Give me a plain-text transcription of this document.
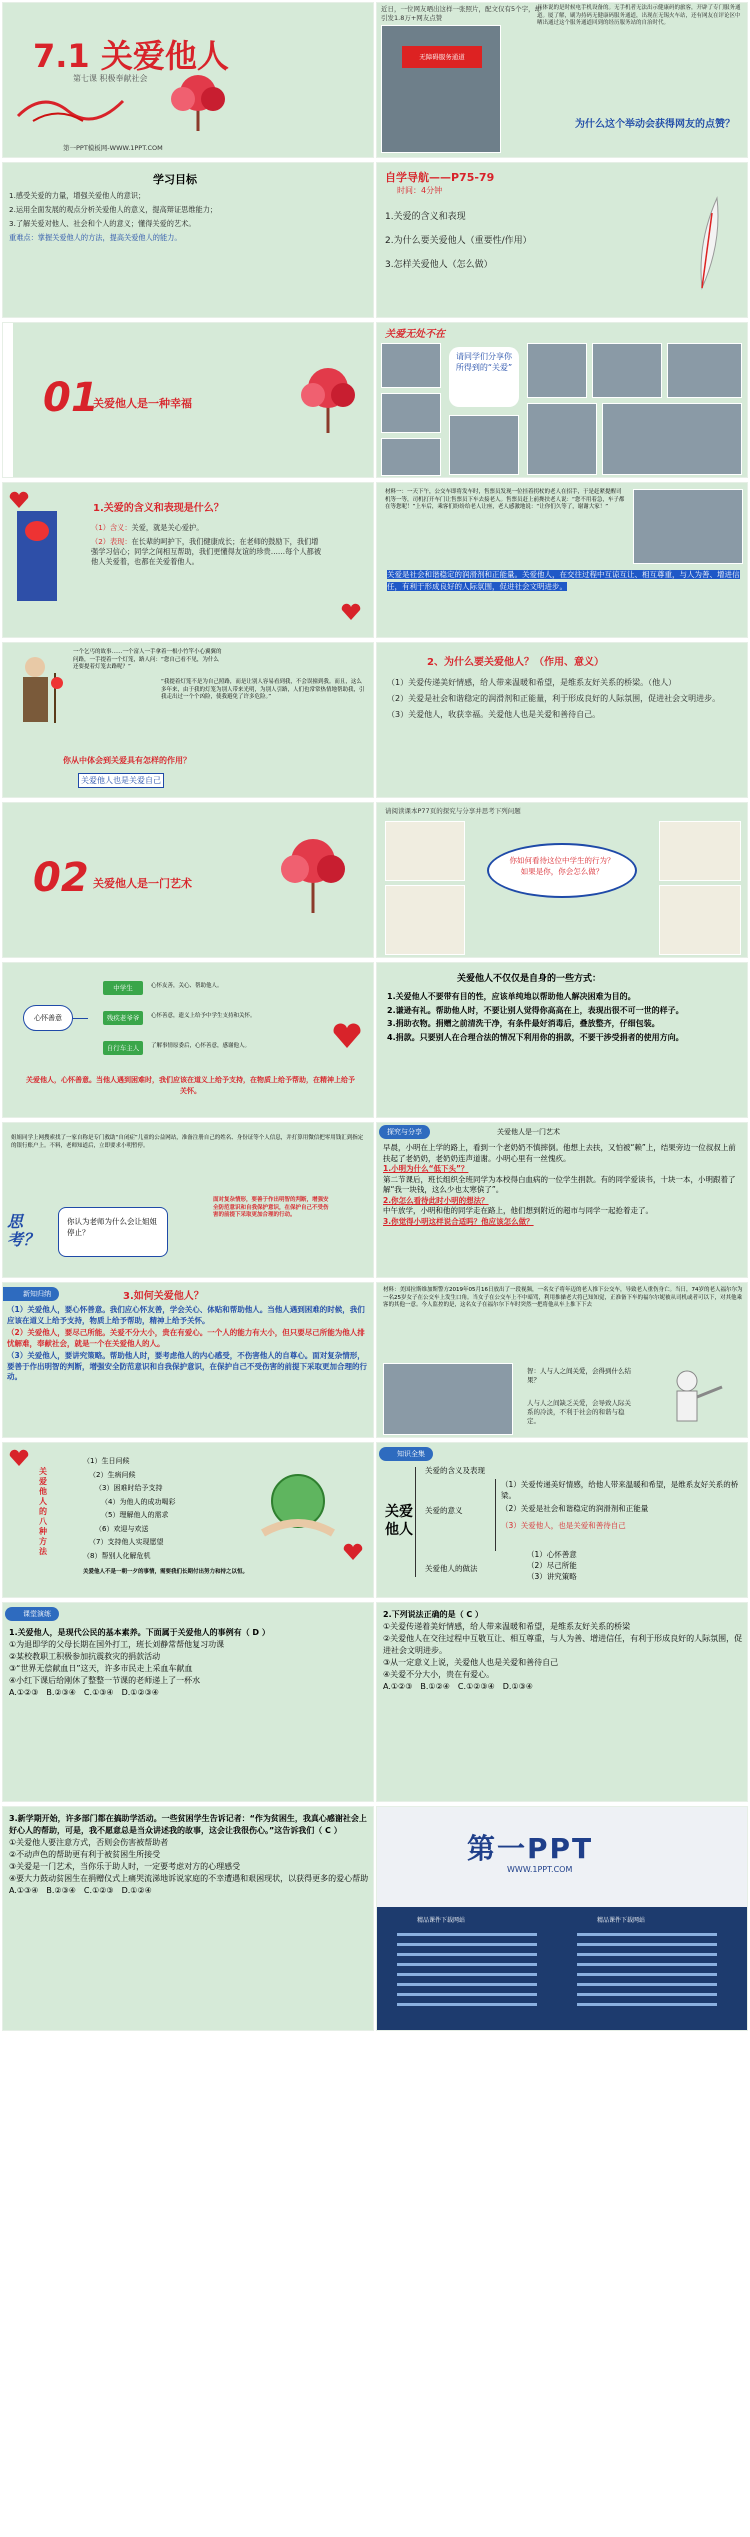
7.1 关爱他人
第七课 积极奉献社会
第一PPT模板网-WWW.1PPT.COM
近日，一位网友晒出这样一张照片，配文仅有5个字，却引发1.8万+网友点赞
无障碍服务通道
具体说的是时候电手机设备的。无手机者无法出示健康码的旅客，开辟了专门服务通道。厦了解，刷为持码无健康码服务通道，出现在无锡火车站，还有网友在评论区中晒出通过这个服务通道回到的经历服务站的自治时代。
为什么这个举动会获得网友的点赞？
学习目标
1.感受关爱的力量，增强关爱他人的意识；
2.运用全面发展的观点分析关爱他人的意义，提高辩证思维能力；
3.了解关爱对他人、社会和个人的意义；懂得关爱的艺术。
重难点：掌握关爱他人的方法，提高关爱他人的能力。
自学导航——P75-79
时间：4分钟
1.关爱的含义和表现
2.为什么要关爱他人（重要性/作用）
3.怎样关爱他人（怎么做）
01
关爱他人是一种幸福
关爱无处不在
请同学们分享你所得到的“关爱”
1.关爱的含义和表现是什么？
（1）含义：关爱，就是关心爱护。
（2）表现：在长辈的呵护下，我们健康成长；在老师的鼓励下，我们增强学习信心；同学之间相互帮助，我们更懂得友谊的珍贵……每个人都被他人关爱着，也都在关爱着他人。
材料一：一天下午，公交车即将发车时，售票员发现一位挂着拐杖的老人在招手，于是赶紧提醒司机等一等，司机打开车门让售票员下车去接老人。售票员赶上前搀扶老人说：“您不用着急，车子都在等您呢！”上车后，乘客们纷纷给老人让座，老人感激地说：“让你们久等了，谢谢大家！”
关爱是社会和谐稳定的润滑剂和正能量。关爱他人，在交往过程中互谅互让、相互尊重，与人为善、增进信任，有利于形成良好的人际氛围，促进社会文明进步。
一个乞丐的故事……一个富人一手拿着一根小竹竿小心翼翼的问路，一手提着一个灯笼，路人问：“您自己看不见，为什么还要提着灯笼去路呢？”
“我提着灯笼不是为自己照路，而是让别人容易看到我，不会误撞到我。而且，这么多年来，由于我的灯笼为别人带来光明，为别人引路，人们也常常热情地帮助我，引我走出过一个个凶险，使我避免了许多危险。”
你从中体会到关爱具有怎样的作用？
关爱他人也是关爱自己
2、为什么要关爱他人？（作用、意义）
（1）关爱传递美好情感，给人带来温暖和希望，是维系友好关系的桥梁。（他人）
（2）关爱是社会和谐稳定的润滑剂和正能量，利于形成良好的人际氛围，促进社会文明进步。
（3）关爱他人，收获幸福。关爱他人也是关爱和善待自己。
02 关爱他人是一门艺术
请阅读课本P77页的探究与分享并思考下列问题
你如何看待这位中学生的行为？
如果是你，你会怎么做？
心怀善意
中学生
残疾老爷爷
自行车主人
心怀友善，关心、帮助他人。
心怀善意，遗义上给予中学生支持和关怀。
了解事情原委后，心怀善意，感谢他人。
关爱他人，心怀善意。当他人遇到困难时，我们应该在道义上给予支持，在物质上给予帮助，在精神上给予关怀。
关爱他人不仅仅是自身的一些方式：
1.关爱他人不要带有目的性，应该单纯地以帮助他人解决困难为目的。
2.谦逊有礼。帮助他人时，不要让别人觉得你高高在上，表现出很不可一世的样子。
3.捐助衣物。捐赠之前清洗干净，有条件最好消毒后，叠放整齐，仔细包装。
4.捐款。只要别人在合理合法的情况下利用你的捐款，不要干涉受捐者的使用方向。
姐姐同学上网搜索找了一家自称是专门救助“自闭症”儿童的公益网站，准备注册自己的姓名、身份证等个人信息，并打算用微信把零用钱汇到指定的银行账户上。不料，老师知道后，立即要求小明暂停。
思考？
你认为老师为什么会让姐姐停止？
面对复杂情形，要善于作出明智的判断，增强安全防范意识和自我保护意识，在保护自己不受伤害的前提下采取更加合理的行动。
探究与分享	关爱他人是一门艺术
早晨，小明在上学的路上，看到一个老奶奶不慎摔倒。他想上去扶，又怕被“赖”上，结果旁边一位叔叔上前扶起了老奶奶，老奶奶连声道谢。小明心里有一丝愧疚。
1.小明为什么“低下头”？
第二节课后，班长组织全班同学为本校得白血病的一位学生捐款。有的同学爱读书，十块一本，小明跟着了解“我一块钱，这么少也太寒傧了”。
2.你怎么看待此时小明的想法？
中午放学，小明和他的同学走在路上，他们想到附近的超市与同学一起抢着走了。
3.你觉得小明这样说合适吗？他应该怎么做？
新知归纳	3.如何关爱他人？
（1）关爱他人，要心怀善意。我们应心怀友善，学会关心、体贴和帮助他人。当他人遇到困难的时候，我们应该在道义上给予支持，物质上给予帮助，精神上给予关怀。
（2）关爱他人，要尽己所能。关爱不分大小，贵在有爱心。一个人的能力有大小，但只要尽己所能为他人排忧解难，奉献社会，就是一个在关爱他人的人。
（3）关爱他人，要讲究策略。帮助他人时，要考虑他人的内心感受，不伤害他人的自尊心。面对复杂情形，要善于作出明智的判断，增强安全防范意识和自我保护意识，在保护自己不受伤害的前提下采取更加合理的行动。
材料：美国拉斯维加斯警方2019年05月16日放出了一段视频，一名女子将年迈的老人推下公交车，导致老人重伤身亡。当日，74岁的老人福尔尔为一名25岁女子在公交车上发生口角。当女子在公交车上不中暗骂，利用推搡老大将已知知觉，正准备下车的福尔尔妮被从司机或者可以下，对其他乘客的其他一意。今人监控的是，这名女子在福尔尔下车时突然一把将他从车上推下下去
智：人与人之间关爱，会得到什么结果？
人与人之间缺乏关爱，会导致人际关系的冷淡，不利于社会的和谐与稳定。
关爱他人的八种方法
（1）生日问候
（2）生病问候
（3）困难时给予支持
（4）为他人的成功喝彩
（5）理解他人的需求
（6）欢迎与欢送
（7）支持他人实现愿望
（8）帮别人化解危机
关爱他人不是一朝一夕的事情，需要我们长期付出努力和持之以恒。
知识全集
关爱他人
关爱的含义及表现
关爱的意义
（1）关爱传递美好情感，给他人带来温暖和希望，是维系友好关系的桥梁。
（2）关爱是社会和谐稳定的润滑剂和正能量
（3）关爱他人，也是关爱和善待自己
关爱他人的做法
（1）心怀善意
（2）尽己所能
（3）讲究策略
课堂演练
1.关爱他人，是现代公民的基本素养。下面属于关爱他人的事例有（ D ）
①为退即学的父母长期在国外打工，班长刘静常帮他复习功课
②某校教职工积极参加抗震救灾的捐款活动
③“世界无偿献血日”这天，许多市民走上采血车献血
④小红下课后给刚休了整整一节课的老师递上了一杯水
A.①②③　B.②③④　C.①③④　D.①②③④
2.下列说法正确的是（ C ）
①关爱传递着美好情感，给人带来温暖和希望，是维系友好关系的桥梁
②关爱他人在交往过程中互敬互让、相互尊重，与人为善、增进信任，有利于形成良好的人际氛围，促进社会文明进步。
③从一定意义上说，关爱他人也是关爱和善待自己
④关爱不分大小，贵在有爱心。
A.①②③　B.①②④　C.①②③④　D.①③④
3.新学期开始，许多部门都在搞助学活动。一些贫困学生告诉记者：“作为贫困生，我真心感谢社会上好心人的帮助，可是，我不愿意总是当众讲述我的故事，这会让我很伤心。”这告诉我们（ C ）
①关爱他人要注意方式，否则会伤害被帮助者
②不动声色的帮助更有利于被贫困生所接受
③关爱是一门艺术，当你乐于助人时，一定要考虑对方的心理感受
④要大力鼓动贫困生在捐赠仪式上痛哭流涕地诉说家庭的不幸遭遇和艰困现状，以获得更多的爱心帮助
A.①③④　B.②③④　C.①②③　D.①②④
第一PPT
WWW.1PPT.COM
精品课件下载网站	精品课件下载网站
